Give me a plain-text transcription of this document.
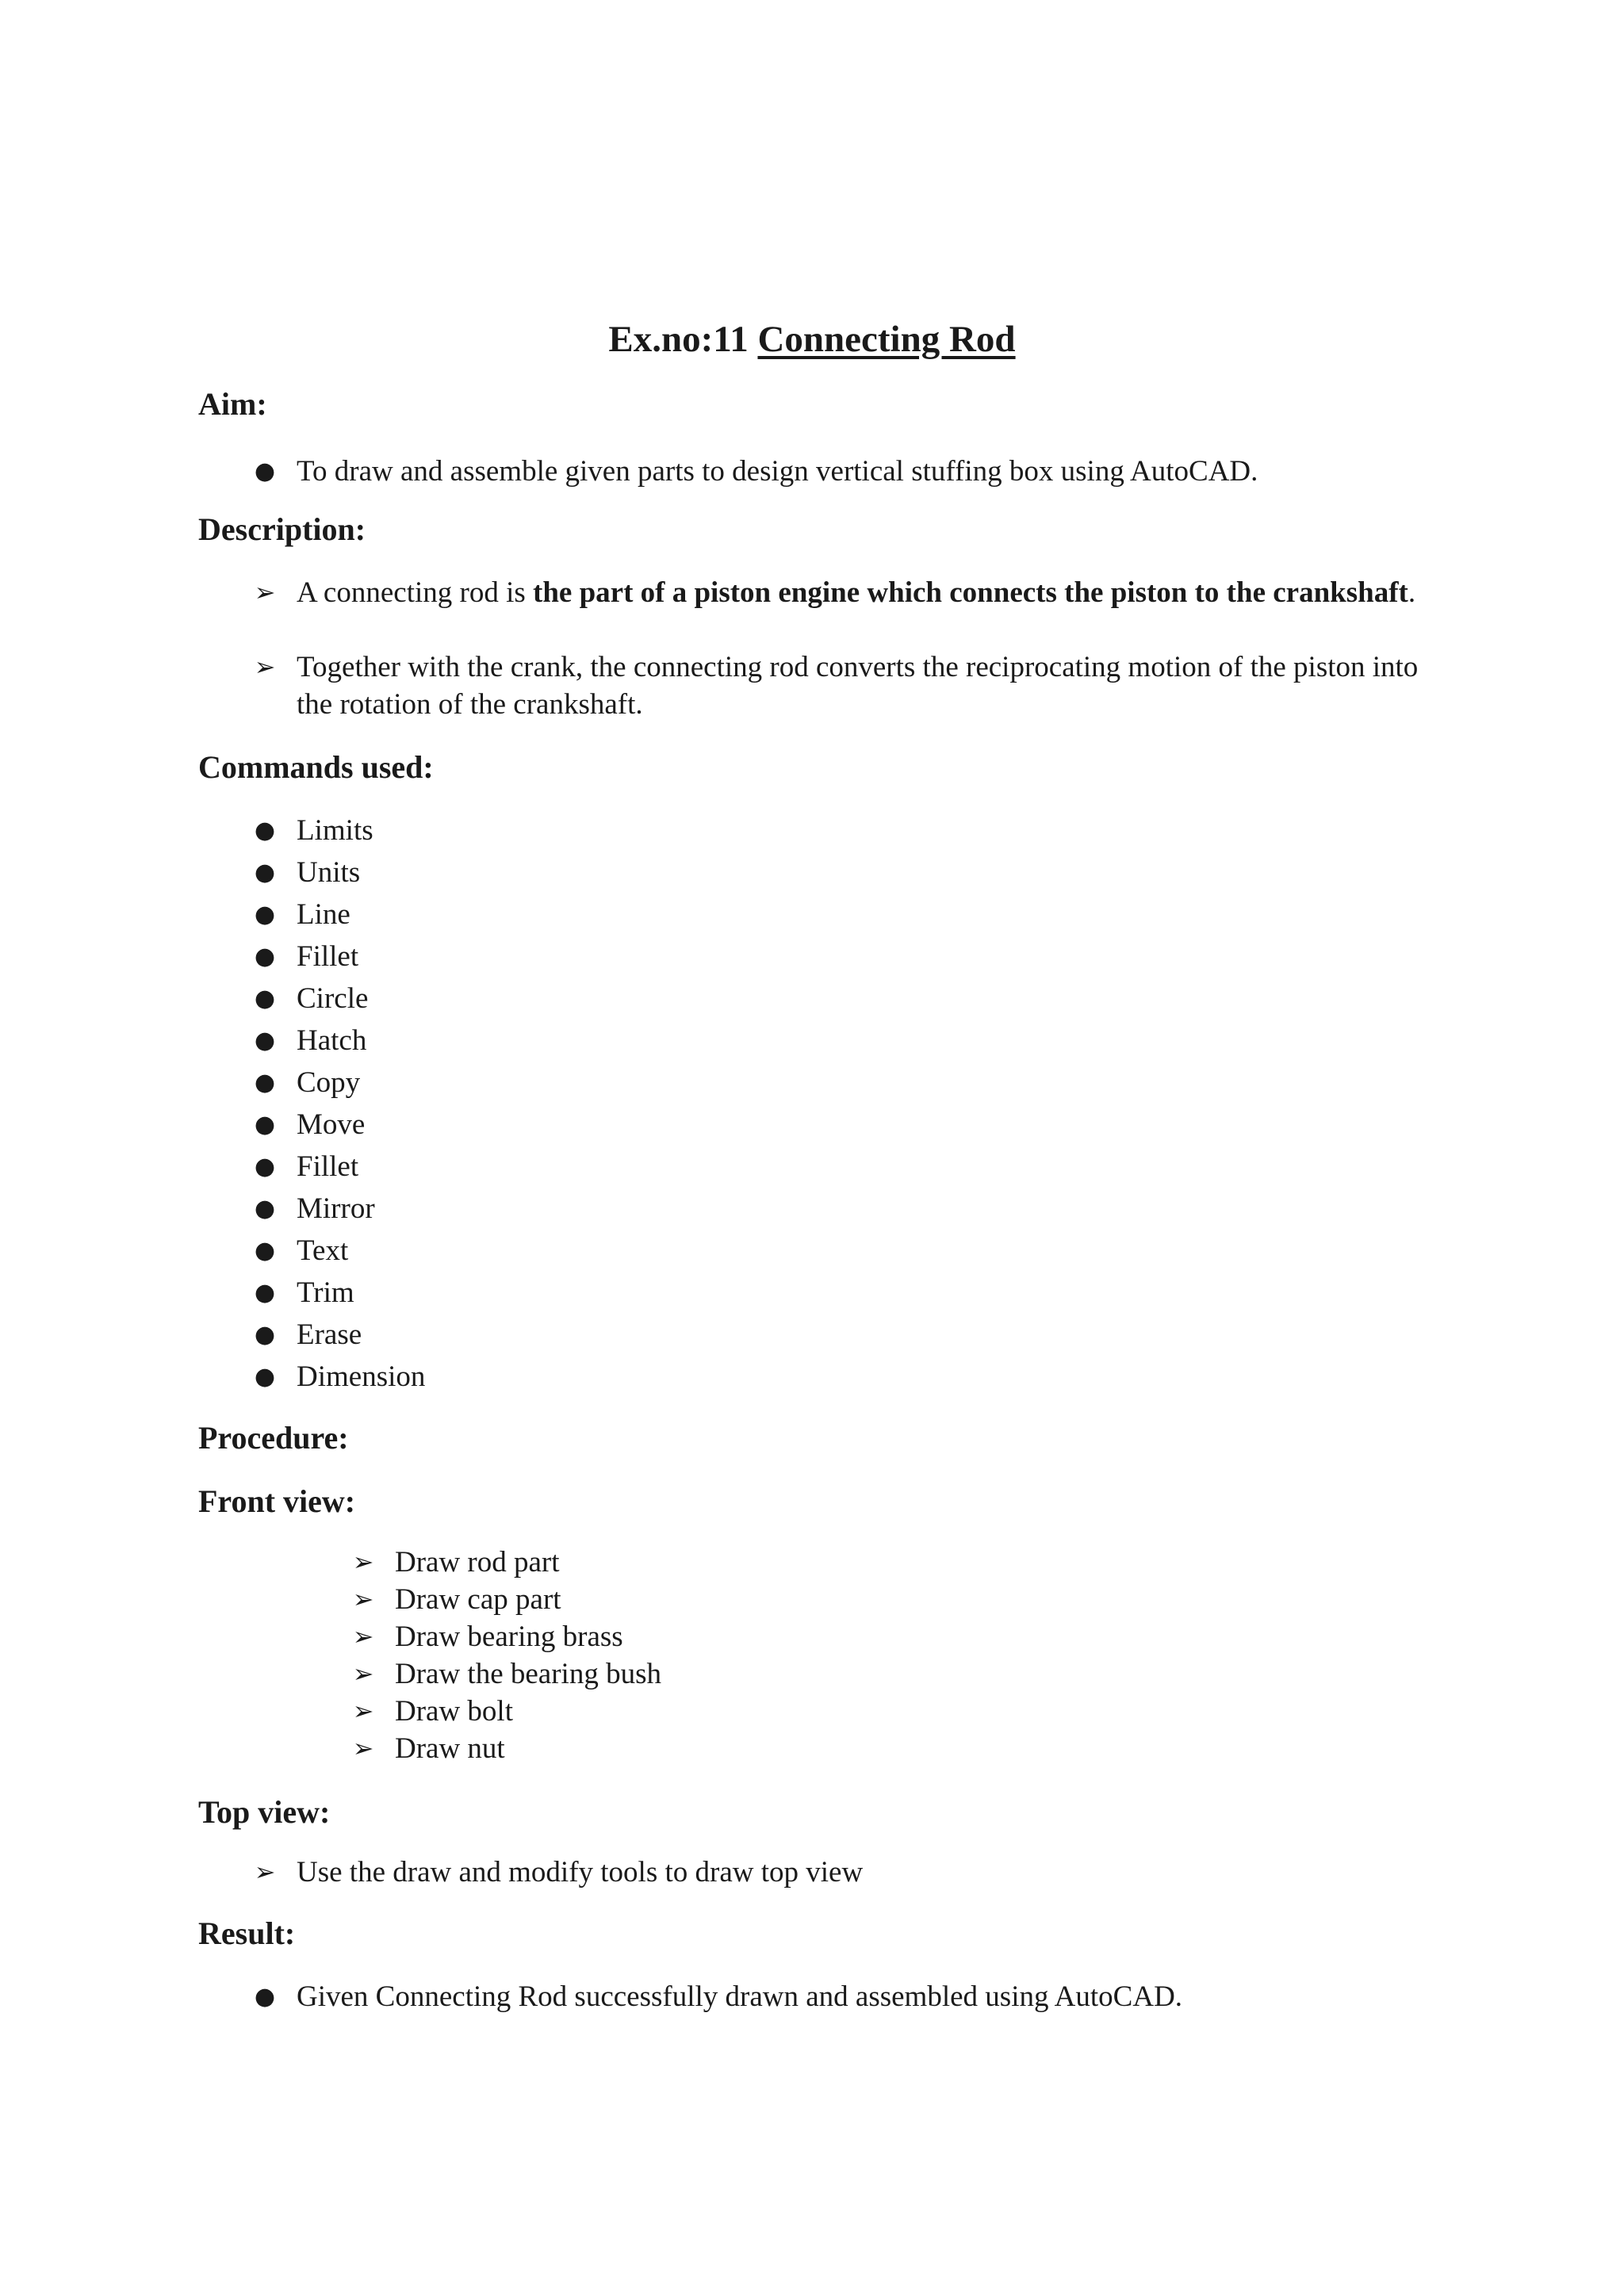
Ex.no:11 Connecting Rod

Aim:

● To draw and assemble given parts to design vertical stuffing box using AutoCAD.

Description:

➢ A connecting rod is the part of a piston engine which connects the piston to the crankshaft.

➢ Together with the crank, the connecting rod converts the reciprocating motion of the piston into the rotation of the crankshaft.

Commands used:

● Limits

● Units

● Line

● Fillet

● Circle

● Hatch

● Copy

● Move

● Fillet

● Mirror

● Text

● Trim

● Erase

● Dimension

Procedure:

Front view:

➢ Draw rod part

➢ Draw cap part

➢ Draw bearing brass

➢ Draw the bearing bush

➢ Draw bolt

➢ Draw nut

Top view:

➢ Use the draw and modify tools to draw top view

Result:

● Given Connecting Rod successfully drawn and assembled using AutoCAD.
